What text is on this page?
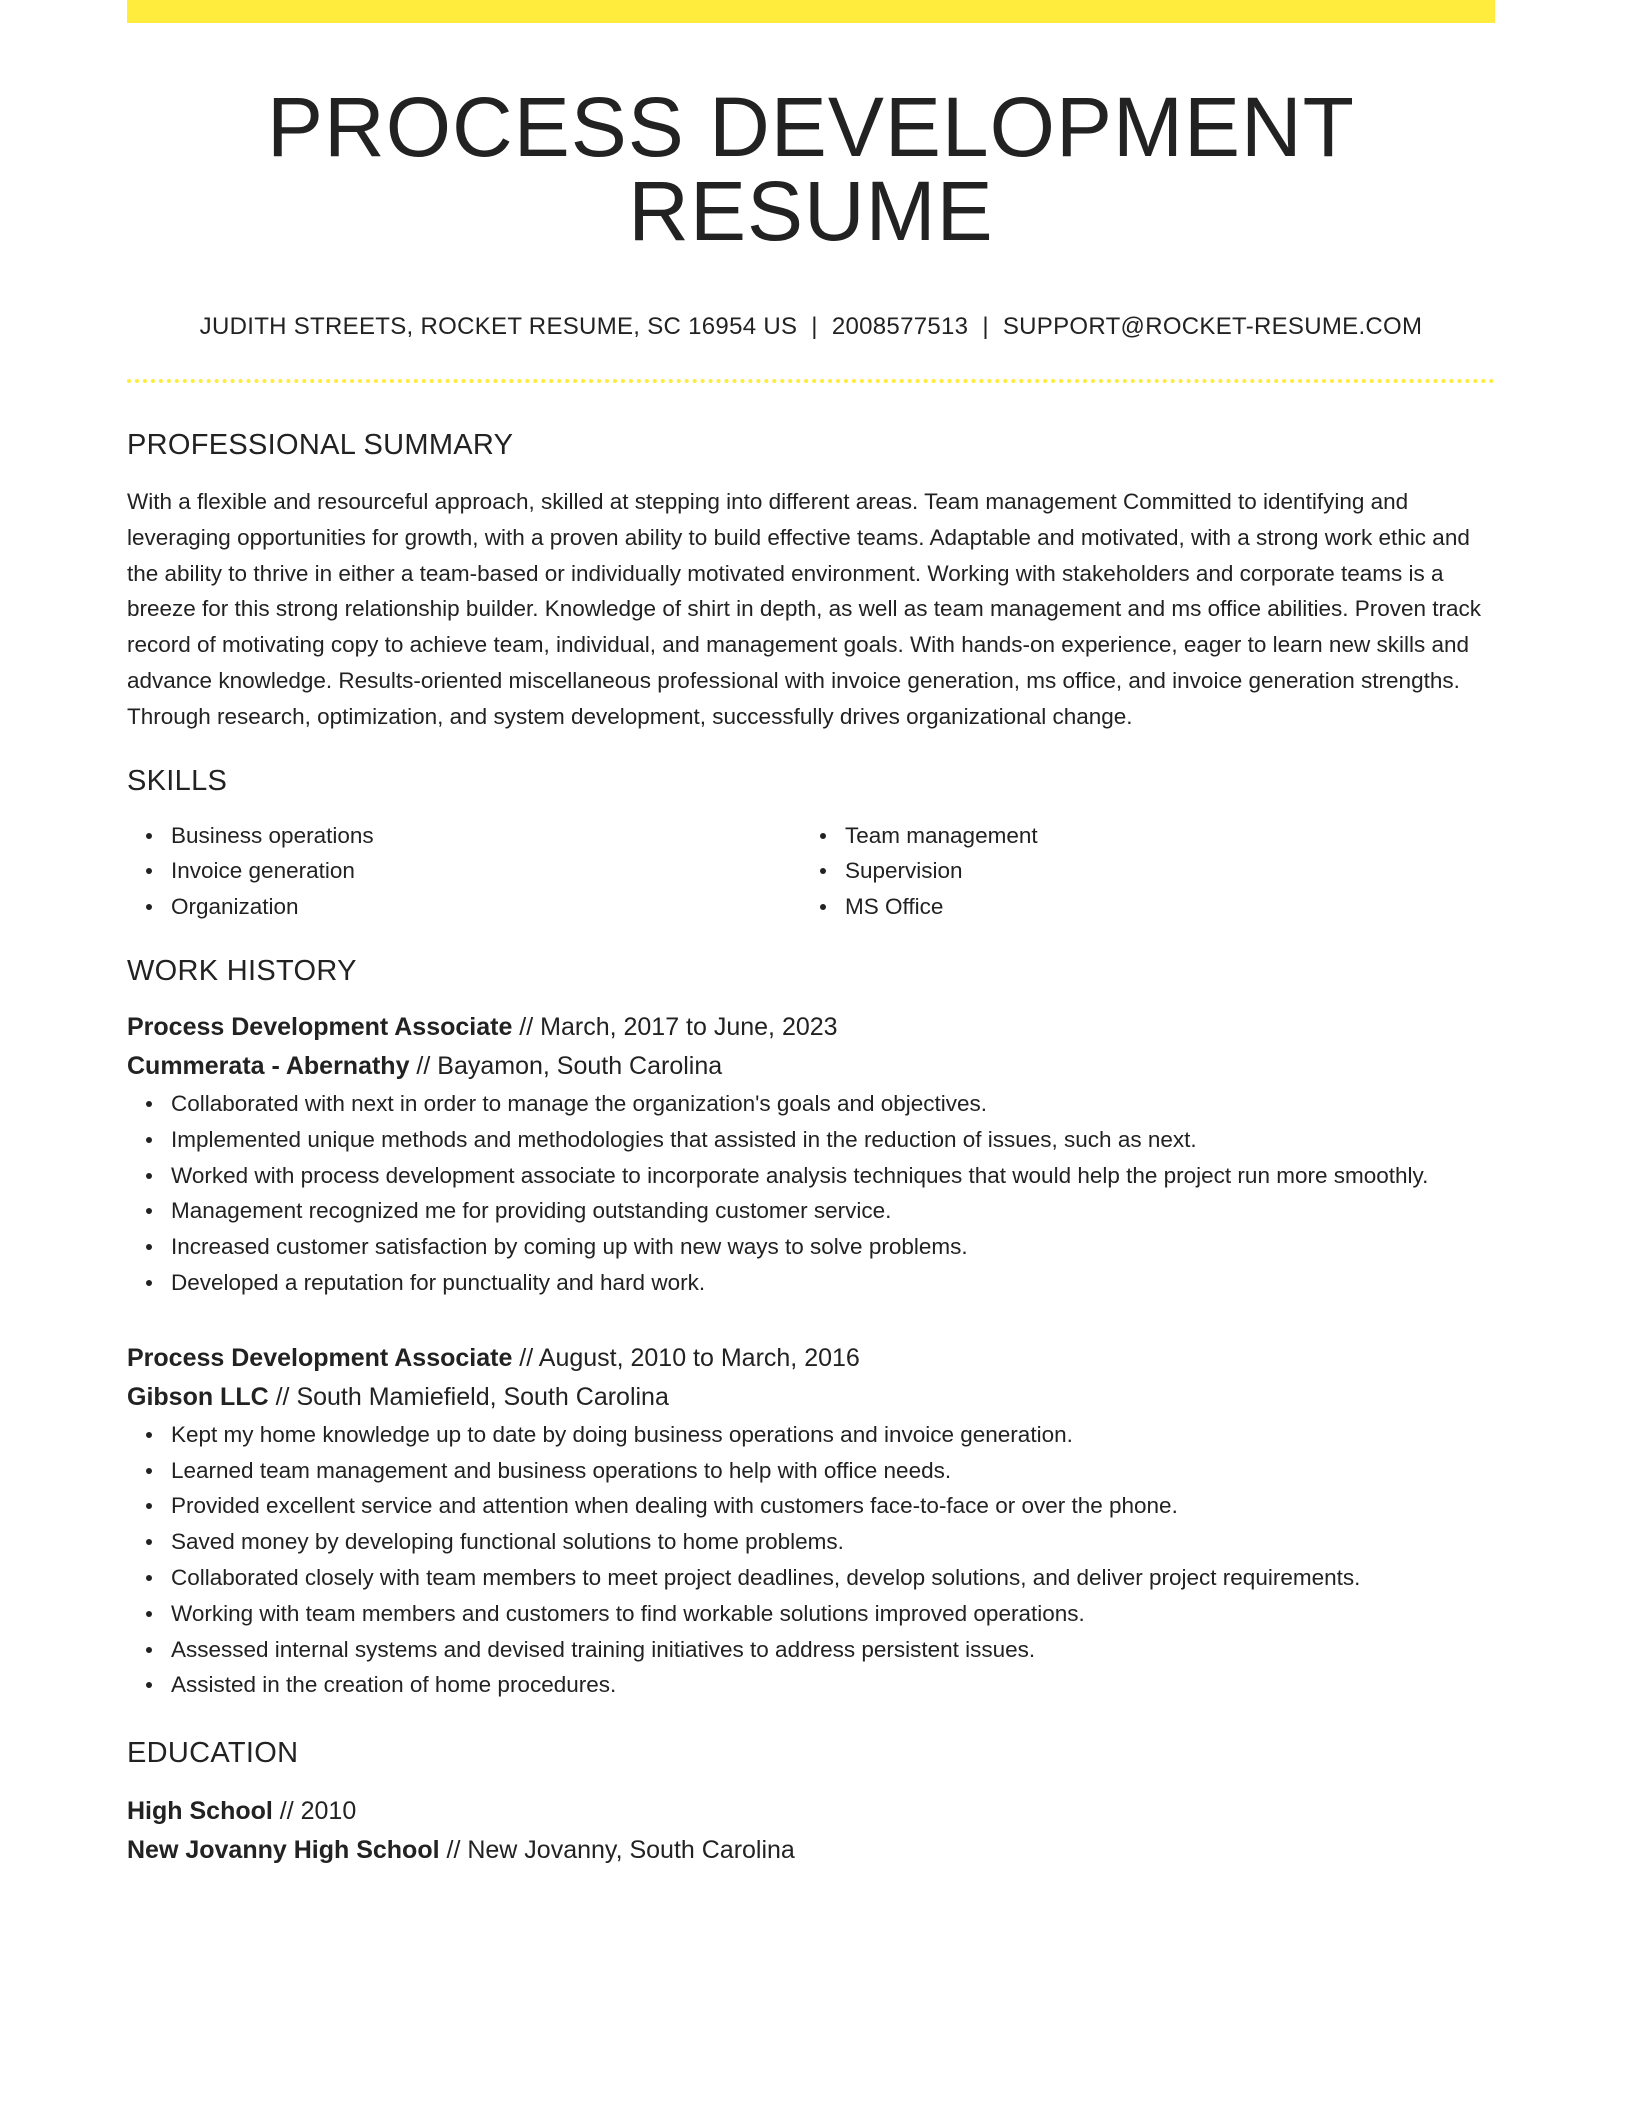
PROCESS DEVELOPMENT RESUME
JUDITH STREETS, ROCKET RESUME, SC 16954 US | 2008577513 | SUPPORT@ROCKET-RESUME.COM
PROFESSIONAL SUMMARY
With a flexible and resourceful approach, skilled at stepping into different areas. Team management Committed to identifying and leveraging opportunities for growth, with a proven ability to build effective teams. Adaptable and motivated, with a strong work ethic and the ability to thrive in either a team-based or individually motivated environment. Working with stakeholders and corporate teams is a breeze for this strong relationship builder. Knowledge of shirt in depth, as well as team management and ms office abilities. Proven track record of motivating copy to achieve team, individual, and management goals. With hands-on experience, eager to learn new skills and advance knowledge. Results-oriented miscellaneous professional with invoice generation, ms office, and invoice generation strengths. Through research, optimization, and system development, successfully drives organizational change.
SKILLS
Business operations
Invoice generation
Organization
Team management
Supervision
MS Office
WORK HISTORY
Process Development Associate // March, 2017 to June, 2023
Cummerata - Abernathy // Bayamon, South Carolina
Collaborated with next in order to manage the organization's goals and objectives.
Implemented unique methods and methodologies that assisted in the reduction of issues, such as next.
Worked with process development associate to incorporate analysis techniques that would help the project run more smoothly.
Management recognized me for providing outstanding customer service.
Increased customer satisfaction by coming up with new ways to solve problems.
Developed a reputation for punctuality and hard work.
Process Development Associate // August, 2010 to March, 2016
Gibson LLC // South Mamiefield, South Carolina
Kept my home knowledge up to date by doing business operations and invoice generation.
Learned team management and business operations to help with office needs.
Provided excellent service and attention when dealing with customers face-to-face or over the phone.
Saved money by developing functional solutions to home problems.
Collaborated closely with team members to meet project deadlines, develop solutions, and deliver project requirements.
Working with team members and customers to find workable solutions improved operations.
Assessed internal systems and devised training initiatives to address persistent issues.
Assisted in the creation of home procedures.
EDUCATION
High School // 2010
New Jovanny High School // New Jovanny, South Carolina
